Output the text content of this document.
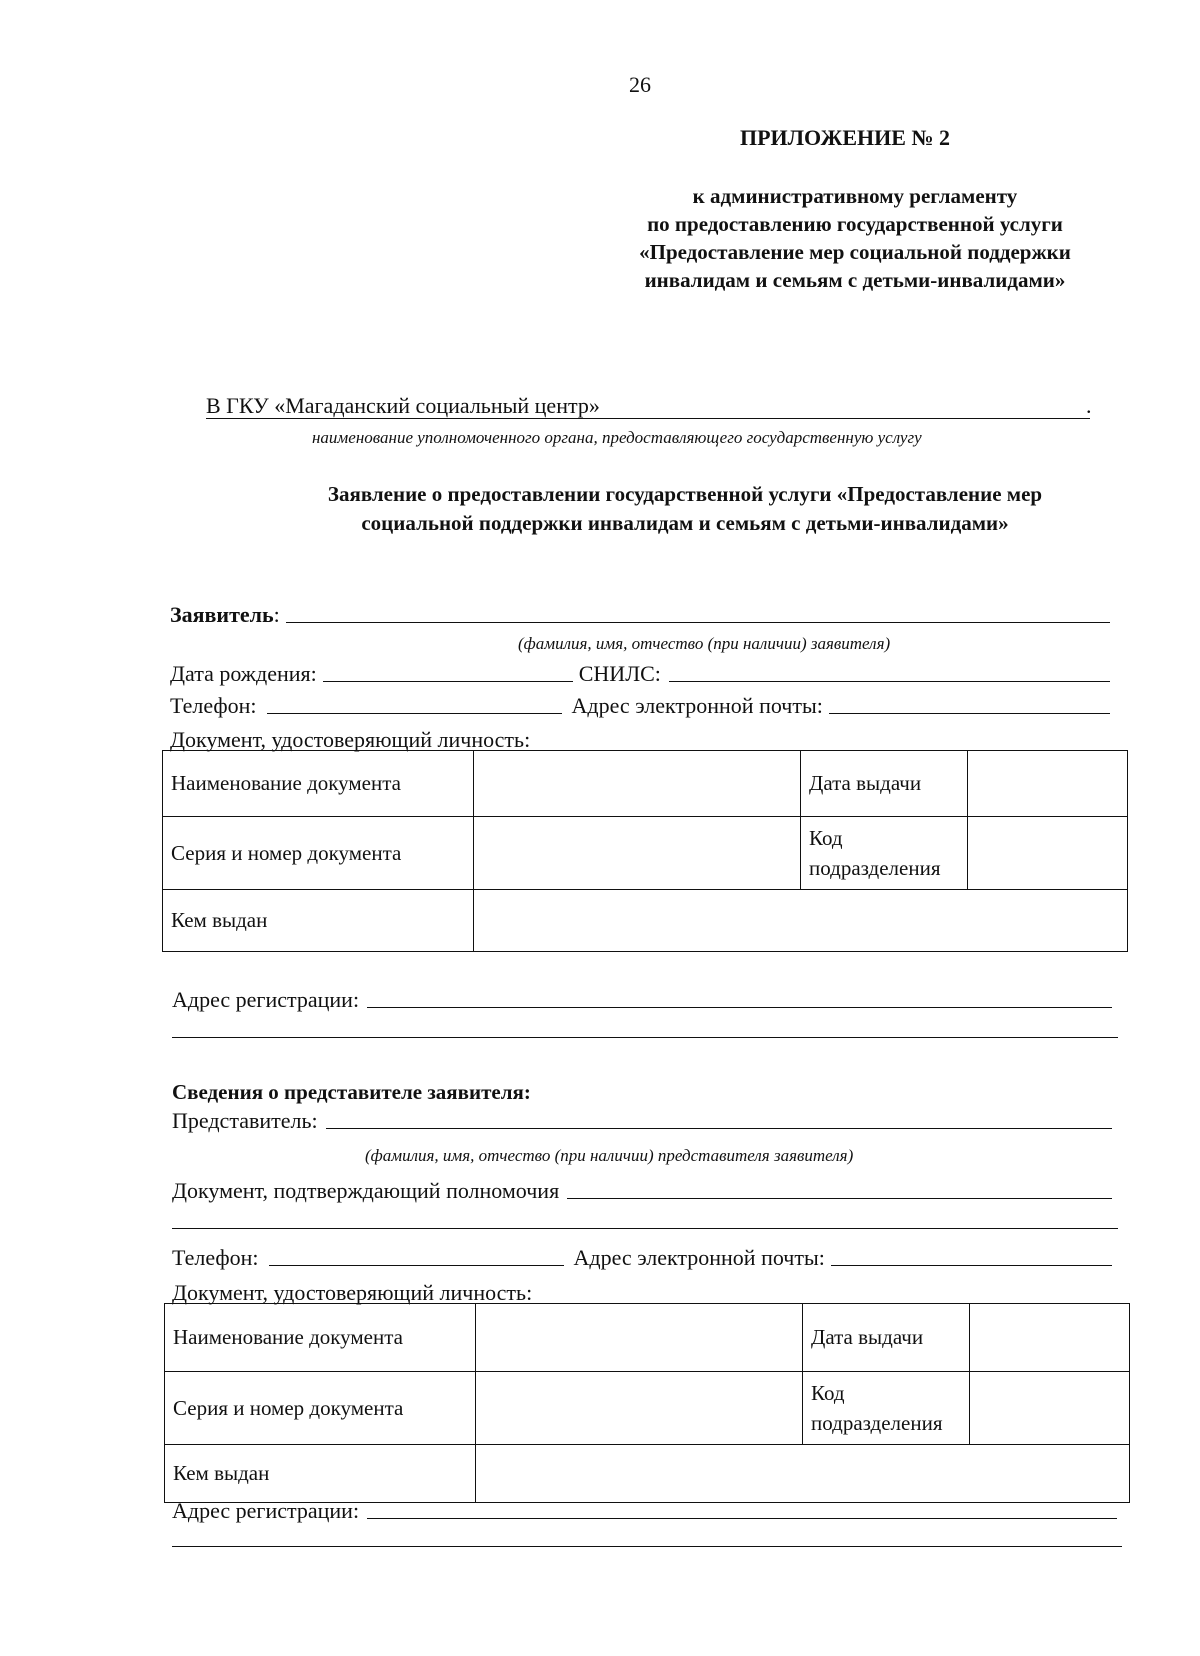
26
ПРИЛОЖЕНИЕ № 2
к административному регламенту
по предоставлению государственной услуги
«Предоставление мер социальной поддержки
инвалидам и семьям с детьми-инвалидами»
В ГКУ «Магаданский социальный центр»	.
наименование уполномоченного органа, предоставляющего государственную услугу
Заявление о предоставлении государственной услуги «Предоставление мер
социальной поддержки инвалидам и семьям с детьми-инвалидами»
Заявитель :
(фамилия, имя, отчество (при наличии) заявителя)
Дата рождения:	СНИЛС:
Телефон:	Адрес электронной почты:
Документ, удостоверяющий личность:
Наименование документа		Дата выдачи	
Серия и номер документа		Код подразделения	
Кем выдан			
Адрес регистрации:
Сведения о представителе заявителя:
Представитель:
(фамилия, имя, отчество (при наличии) представителя заявителя)
Документ, подтверждающий полномочия
Телефон:	Адрес электронной почты:
Документ, удостоверяющий личность:
Наименование документа		Дата выдачи	
Серия и номер документа		Код подразделения	
Кем выдан			
Адрес регистрации:
